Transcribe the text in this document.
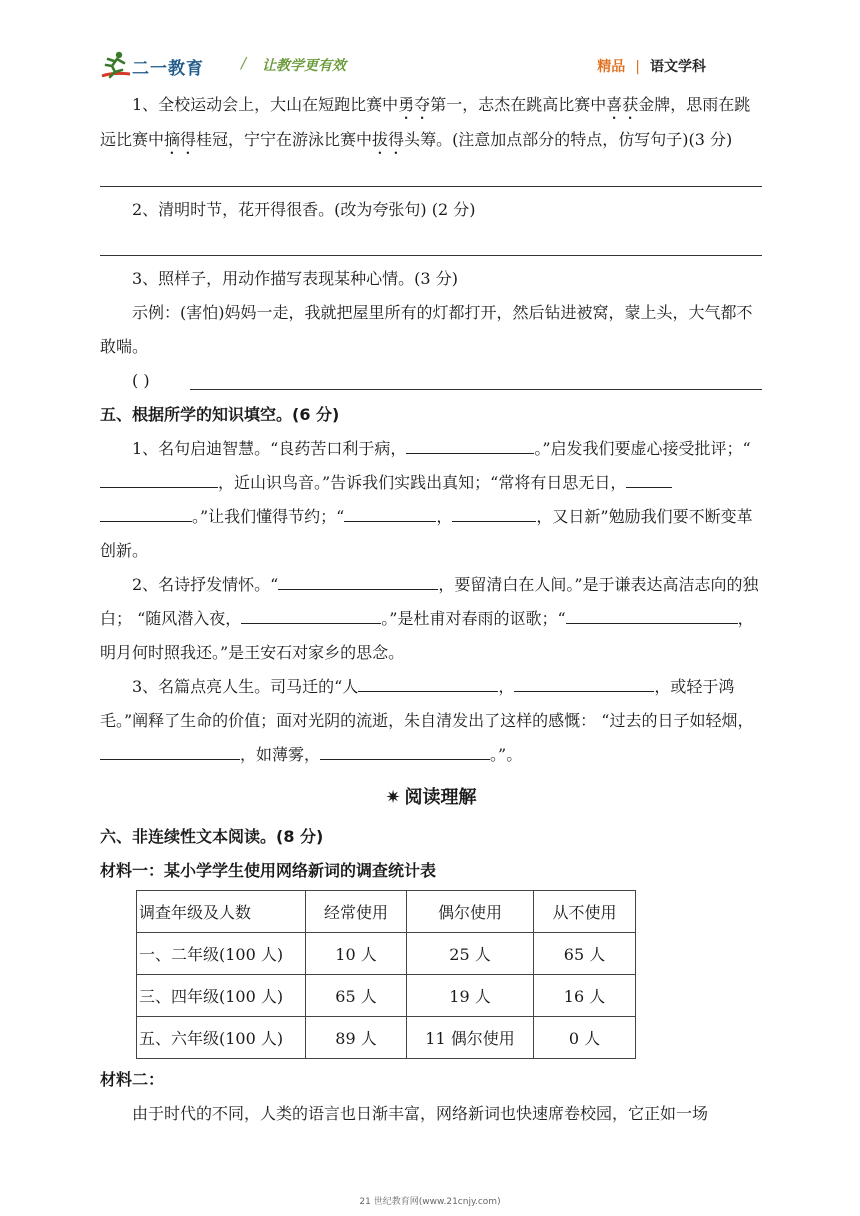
二一教育 / 让教学更有效	精品 | 语文学科

1、全校运动会上，大山在短跑比赛中勇夺第一，志杰在跳高比赛中喜获金牌，思雨在跳远比赛中摘得桂冠，宁宁在游泳比赛中拔得头筹。(注意加点部分的特点，仿写句子)(3 分)

2、清明时节，花开得很香。(改为夸张句) (2 分)

3、照样子，用动作描写表现某种心情。(3 分)

示例：(害怕)妈妈一走，我就把屋里所有的灯都打开，然后钻进被窝，蒙上头，大气都不敢喘。

( )

五、根据所学的知识填空。(6 分)

1、名句启迪智慧。“良药苦口利于病，	。”启发我们要虚心接受批评；“，近山识鸟音。”告诉我们实践出真知；“常将有日思无日，。”让我们懂得节约；“	，	，又日新”勉励我们要不断变革创新。

2、名诗抒发情怀。“	，要留清白在人间。”是于谦表达高洁志向的独白； “随风潜入夜，	。”是杜甫对春雨的讴歌；“	，明月何时照我还。”是王安石对家乡的思念。

3、名篇点亮人生。司马迁的“人	，	，或轻于鸿毛。”阐释了生命的价值；面对光阴的流逝，朱自清发出了这样的感慨： “过去的日子如轻烟，，如薄雾，	。”。

✷ 阅读理解
六、非连续性文本阅读。(8 分)
材料一：某小学学生使用网络新词的调查统计表
调查年级及人数	经常使用	偶尔使用	从不使用
一、二年级(100 人)	10 人	25 人	65 人
三、四年级(100 人)	65 人	19 人	16 人
五、六年级(100 人)	89 人	11 偶尔使用	0 人
材料二：

由于时代的不同，人类的语言也日渐丰富，网络新词也快速席卷校园，它正如一场

21 世纪教育网(www.21cnjy.com)
